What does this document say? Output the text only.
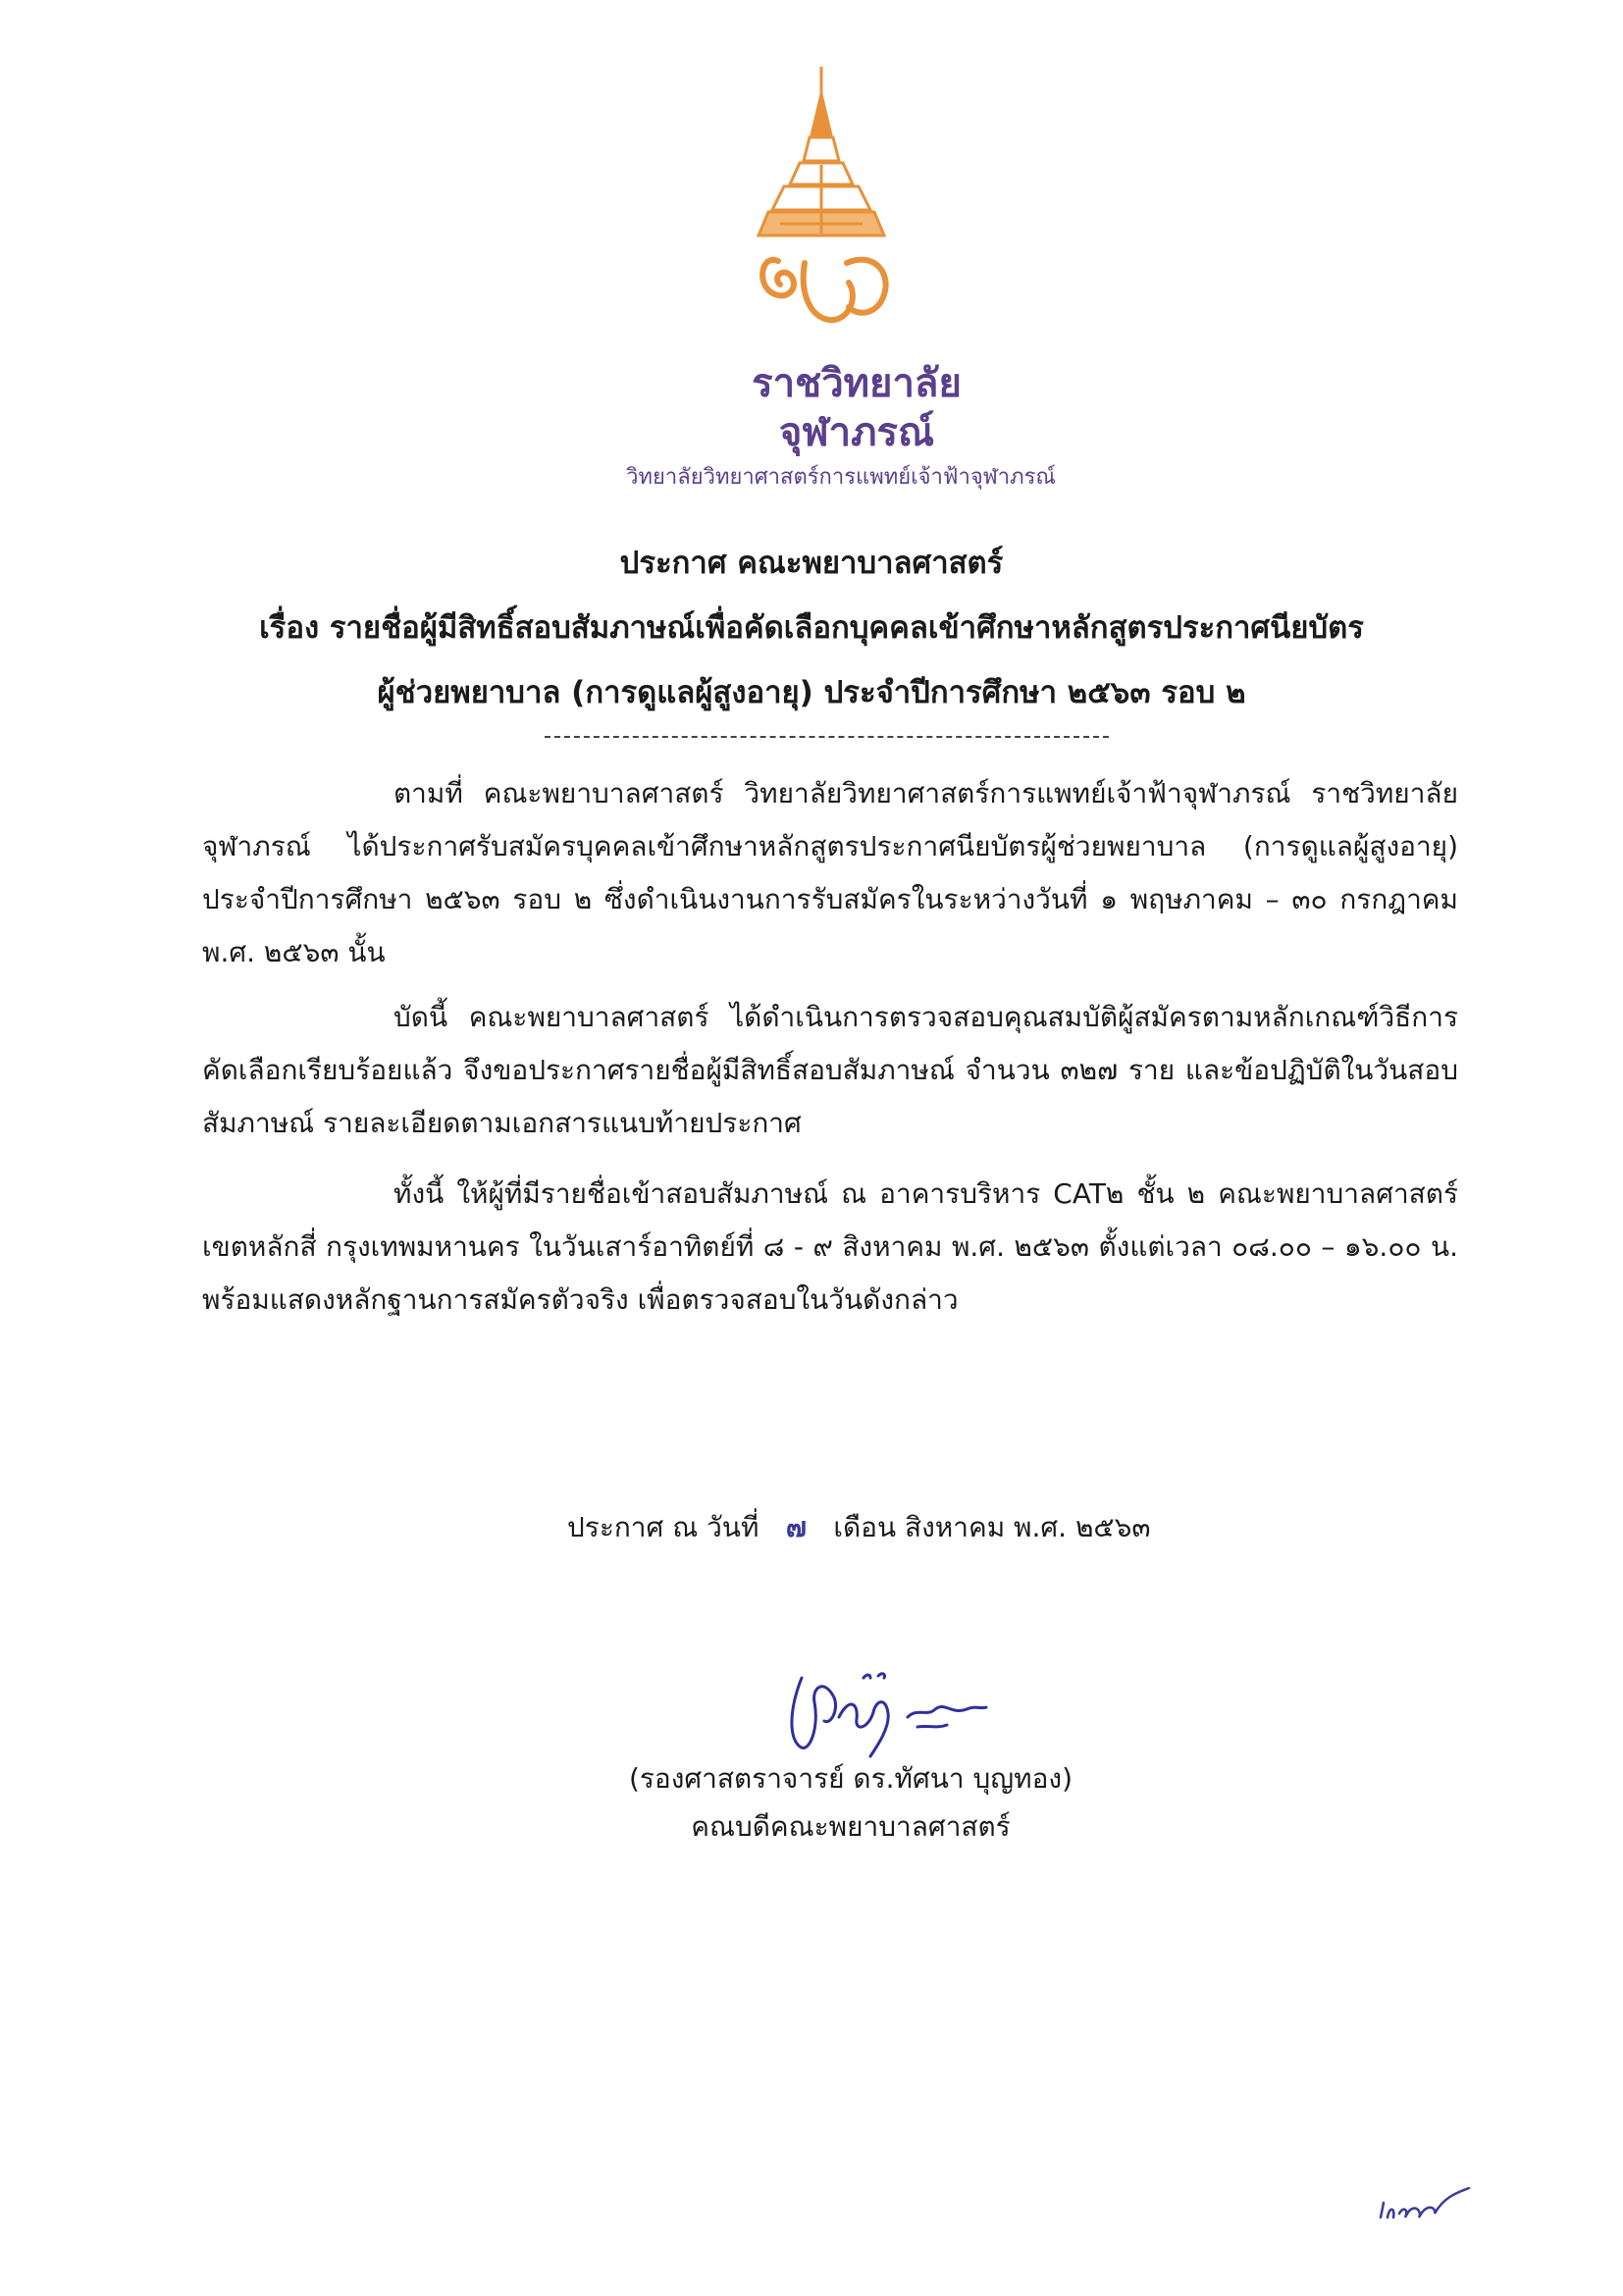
ราชวิทยาลัย
จุฬาภรณ์
วิทยาลัยวิทยาศาสตร์การแพทย์เจ้าฟ้าจุฬาภรณ์
ประกาศ คณะพยาบาลศาสตร์
เรื่อง รายชื่อผู้มีสิทธิ์สอบสัมภาษณ์เพื่อคัดเลือกบุคคลเข้าศึกษาหลักสูตรประกาศนียบัตร
ผู้ช่วยพยาบาล (การดูแลผู้สูงอายุ) ประจำปีการศึกษา ๒๕๖๓ รอบ ๒
ตามที่ คณะพยาบาลศาสตร์ วิทยาลัยวิทยาศาสตร์การแพทย์เจ้าฟ้าจุฬาภรณ์ ราชวิทยาลัยจุฬาภรณ์ ได้ประกาศรับสมัครบุคคลเข้าศึกษาหลักสูตรประกาศนียบัตรผู้ช่วยพยาบาล (การดูแลผู้สูงอายุ) ประจำปีการศึกษา ๒๕๖๓ รอบ ๒ ซึ่งดำเนินงานการรับสมัครในระหว่างวันที่ ๑ พฤษภาคม – ๓๐ กรกฎาคม พ.ศ. ๒๕๖๓ นั้น
บัดนี้ คณะพยาบาลศาสตร์ ได้ดำเนินการตรวจสอบคุณสมบัติผู้สมัครตามหลักเกณฑ์วิธีการคัดเลือกเรียบร้อยแล้ว จึงขอประกาศรายชื่อผู้มีสิทธิ์สอบสัมภาษณ์ จำนวน ๓๒๗ ราย และข้อปฏิบัติในวันสอบสัมภาษณ์ รายละเอียดตามเอกสารแนบท้ายประกาศ
ทั้งนี้ ให้ผู้ที่มีรายชื่อเข้าสอบสัมภาษณ์ ณ อาคารบริหาร CAT๒ ชั้น ๒ คณะพยาบาลศาสตร์ เขตหลักสี่ กรุงเทพมหานคร ในวันเสาร์อาทิตย์ที่ ๘ - ๙ สิงหาคม พ.ศ. ๒๕๖๓ ตั้งแต่เวลา ๐๘.๐๐ – ๑๖.๐๐ น. พร้อมแสดงหลักฐานการสมัครตัวจริง เพื่อตรวจสอบในวันดังกล่าว
ประกาศ ณ วันที่ ๗ เดือน สิงหาคม พ.ศ. ๒๕๖๓
(รองศาสตราจารย์ ดร.ทัศนา บุญทอง)
คณบดีคณะพยาบาลศาสตร์
